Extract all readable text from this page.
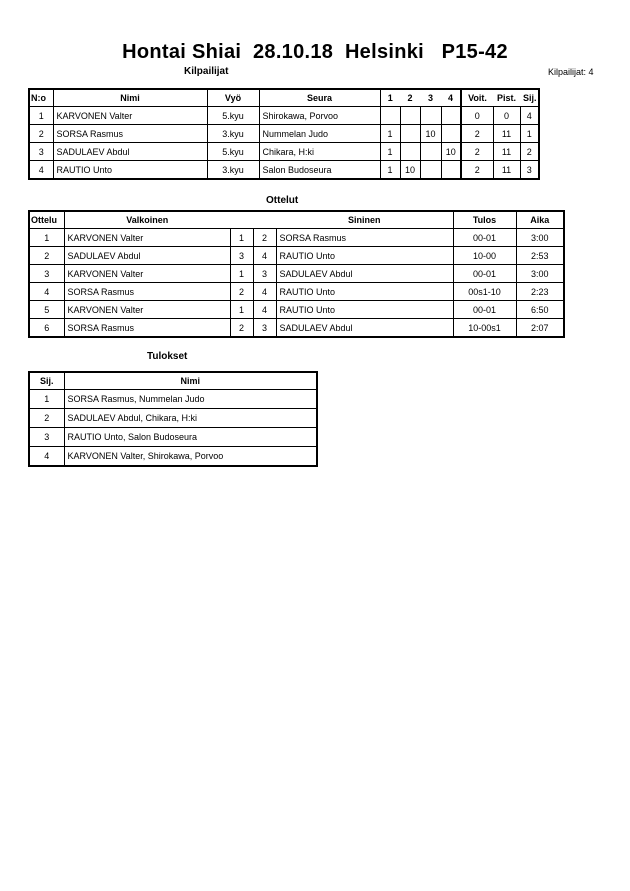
Hontai Shiai  28.10.18  Helsinki   P15-42
Kilpailijat	Kilpailijat: 4
N:o	Nimi	Vyö	Seura	1	2	3	4	Voit.	Pist.	Sij.
1	KARVONEN Valter	5.kyu	Shirokawa, Porvoo					0	0	4
2	SORSA Rasmus	3.kyu	Nummelan Judo	1		10		2	11	1
3	SADULAEV Abdul	5.kyu	Chikara, H:ki	1			10	2	11	2
4	RAUTIO Unto	3.kyu	Salon Budoseura	1	10			2	11	3
Ottelut
Ottelu	Valkoinen			Sininen	Tulos	Aika
1	KARVONEN Valter	1	2	SORSA Rasmus	00-01	3:00
2	SADULAEV Abdul	3	4	RAUTIO Unto	10-00	2:53
3	KARVONEN Valter	1	3	SADULAEV Abdul	00-01	3:00
4	SORSA Rasmus	2	4	RAUTIO Unto	00s1-10	2:23
5	KARVONEN Valter	1	4	RAUTIO Unto	00-01	6:50
6	SORSA Rasmus	2	3	SADULAEV Abdul	10-00s1	2:07
Tulokset
Sij.	Nimi
1	SORSA Rasmus, Nummelan Judo
2	SADULAEV Abdul, Chikara, H:ki
3	RAUTIO Unto, Salon Budoseura
4	KARVONEN Valter, Shirokawa, Porvoo
